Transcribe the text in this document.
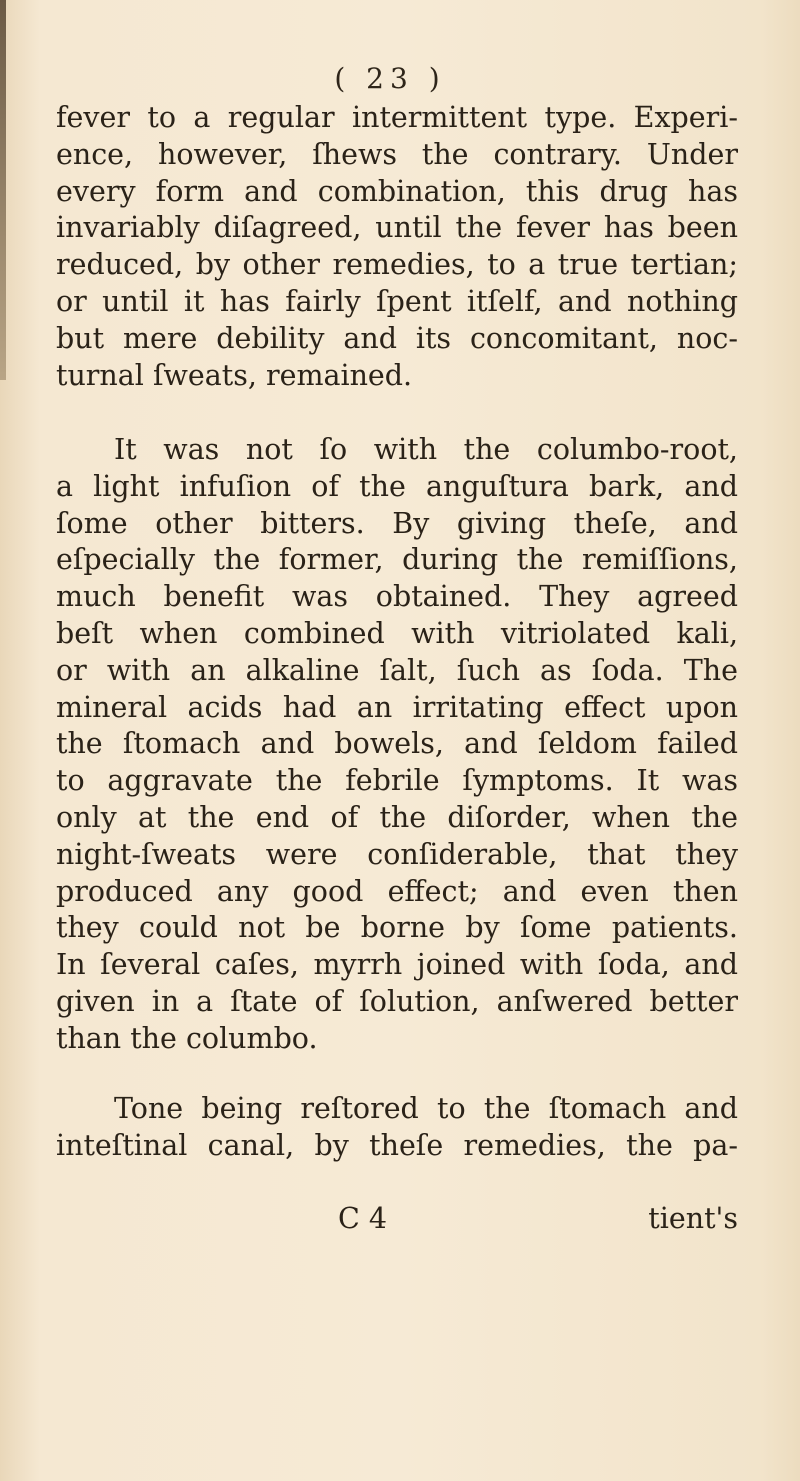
( 23 )
fever to a regular intermittent type. Experi-
ence, however, ſhews the contrary. Under
every form and combination, this drug has
invariably diſagreed, until the fever has been
reduced, by other remedies, to a true tertian;
or until it has fairly ſpent itſelf, and nothing
but mere debility and its concomitant, noc-
turnal ſweats, remained.
It was not ſo with the columbo-root,
a light infuſion of the anguſtura bark, and
ſome other bitters. By giving theſe, and
eſpecially the former, during the remiſſions,
much benefit was obtained. They agreed
beſt when combined with vitriolated kali,
or with an alkaline ſalt, ſuch as ſoda. The
mineral acids had an irritating effect upon
the ſtomach and bowels, and ſeldom failed
to aggravate the febrile ſymptoms. It was
only at the end of the diſorder, when the
night-ſweats were conſiderable, that they
produced any good effect; and even then
they could not be borne by ſome patients.
In ſeveral caſes, myrrh joined with ſoda, and
given in a ſtate of ſolution, anſwered better
than the columbo.
Tone being reſtored to the ſtomach and
inteſtinal canal, by theſe remedies, the pa-
C 4	tient's
